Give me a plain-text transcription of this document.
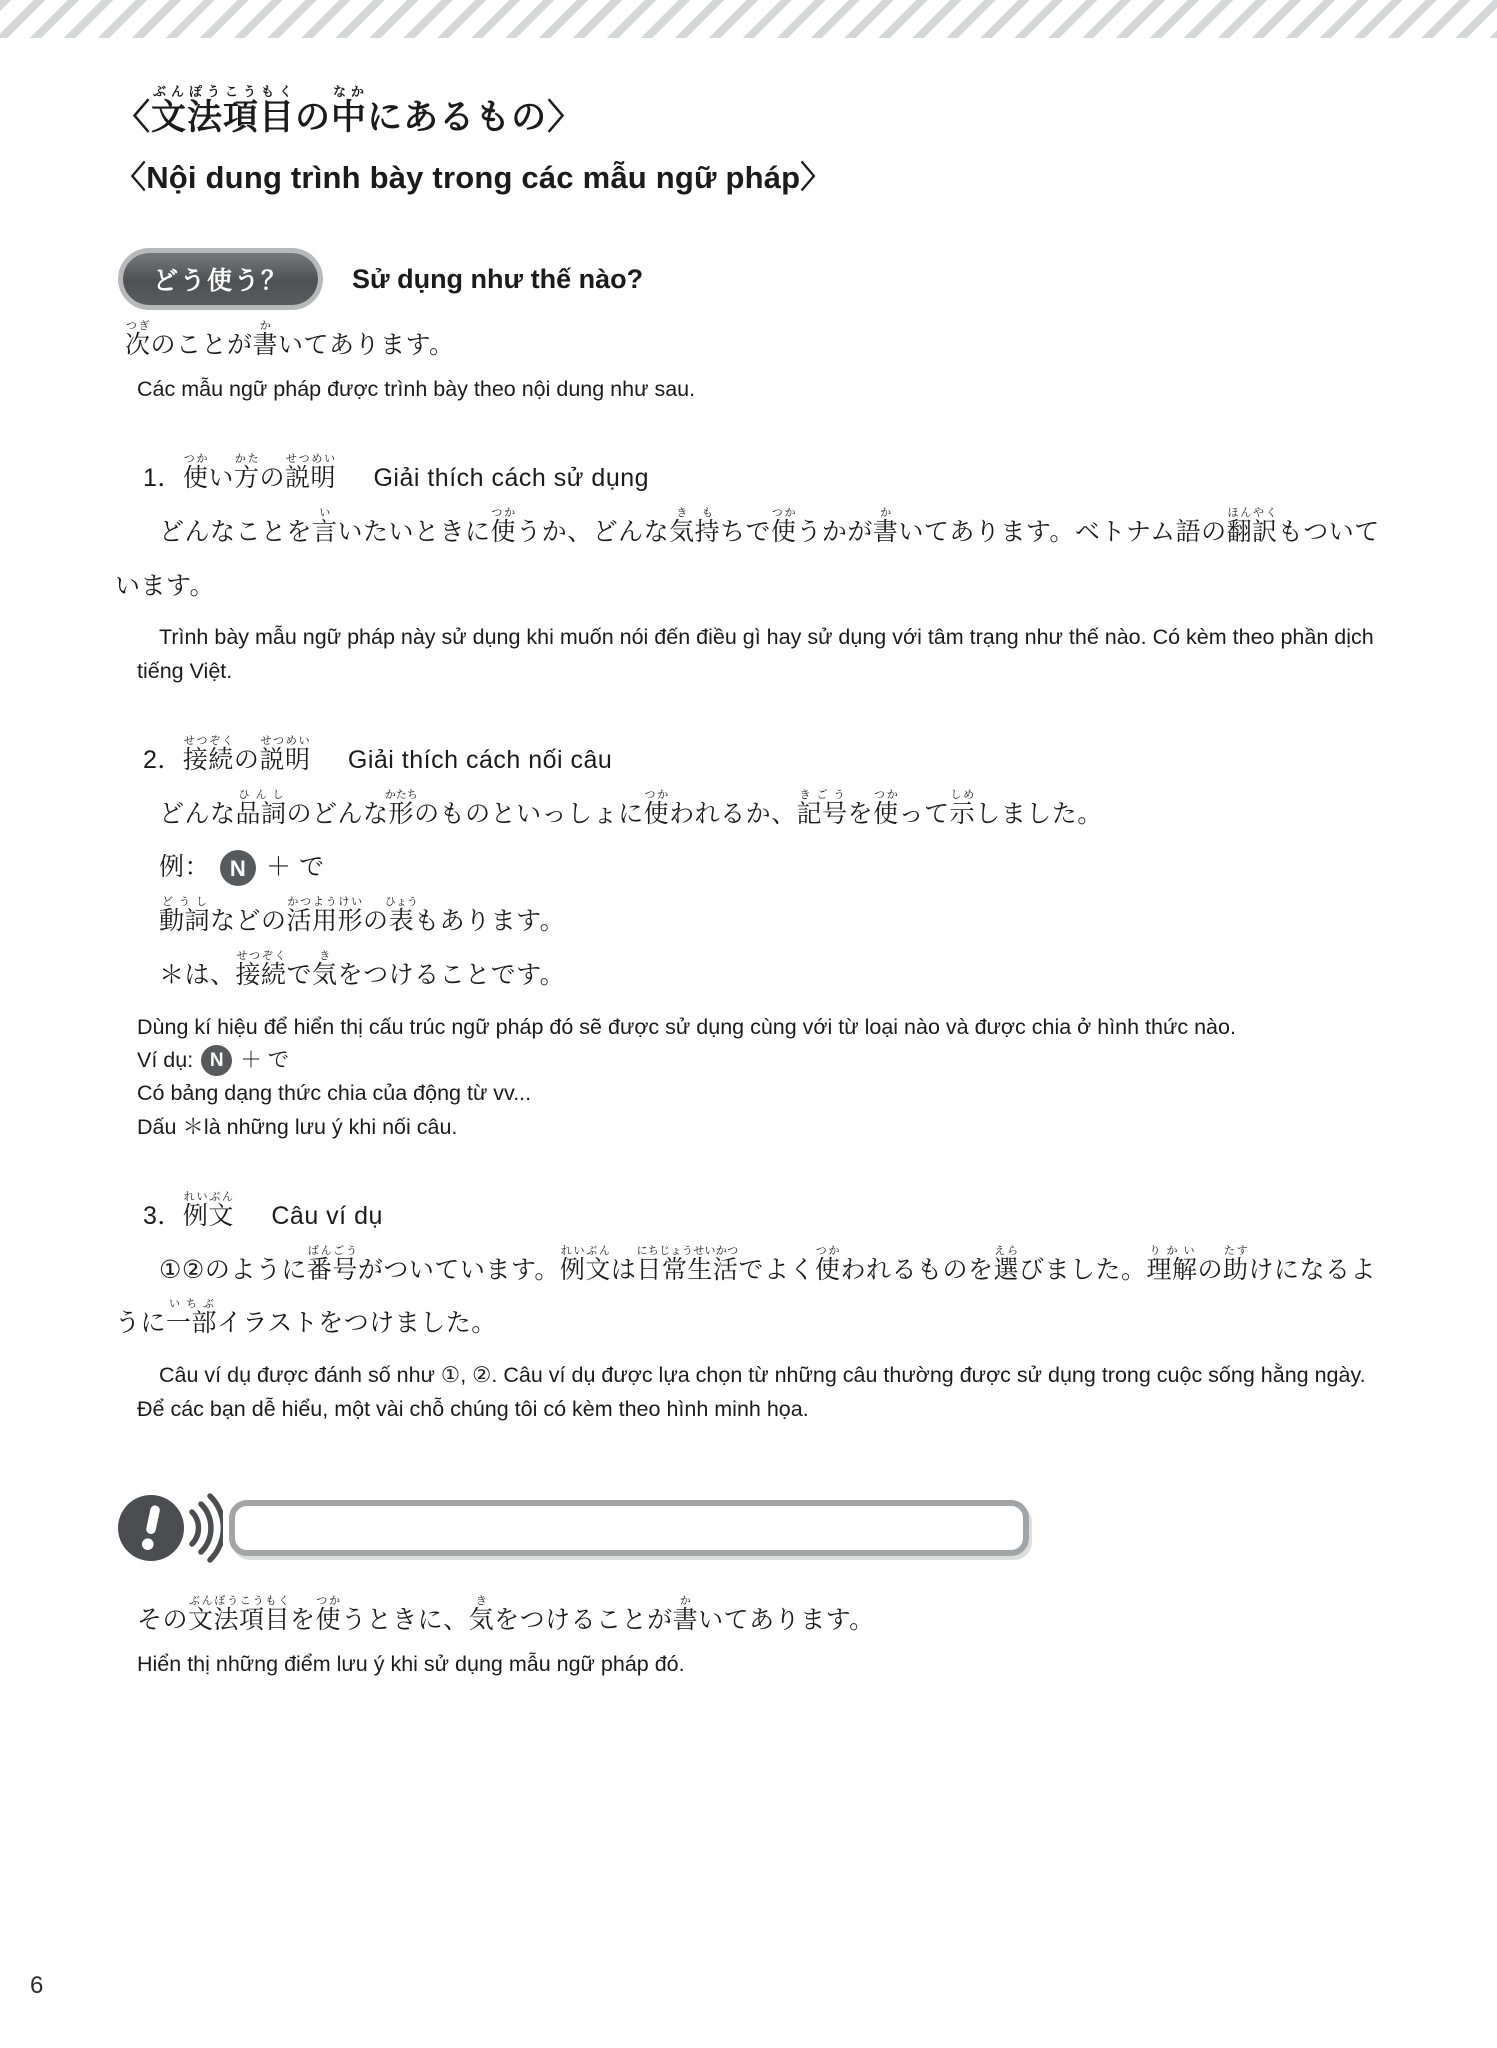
〈文法項目ぶんぽうこうもくの中なかにあるもの〉
〈Nội dung trình bày trong các mẫu ngữ pháp〉
どう使う？	Sử dụng như thế nào?

次つぎのことが書かいてあります。

Các mẫu ngữ pháp được trình bày theo nội dung như sau.

1．使つかい方かたの説明せつめい Giải thích cách sử dụng

どんなことを言いいたいときに使つかうか、どんな気持きもちで使つかうかが書かいてあります。ベトナム語の翻訳ほんやくもついています。

Trình bày mẫu ngữ pháp này sử dụng khi muốn nói đến điều gì hay sử dụng với tâm trạng như thế nào. Có kèm theo phần dịch tiếng Việt.

2．接続せつぞくの説明せつめい Giải thích cách nối câu

どんな品詞ひんしのどんな形かたちのものといっしょに使つかわれるか、記号きごうを使つかって示しめしました。

例： N ＋ で

動詞どうしなどの活用形かつようけいの表ひょうもあります。

＊は、接続せつぞくで気きをつけることです。

Dùng kí hiệu để hiển thị cấu trúc ngữ pháp đó sẽ được sử dụng cùng với từ loại nào và được chia ở hình thức nào.

Ví dụ: N ＋ で

Có bảng dạng thức chia của động từ vv...

Dấu ＊là những lưu ý khi nối câu.

3．例文れいぶん Câu ví dụ

①②のように番号ばんごうがついています。例文れいぶんは日常生活にちじょうせいかつでよく使つかわれるものを選えらびました。理解りかいの助たすけになるように一部いちぶイラストをつけました。

Câu ví dụ được đánh số như ①, ②. Câu ví dụ được lựa chọn từ những câu thường được sử dụng trong cuộc sống hằng ngày. Để các bạn dễ hiểu, một vài chỗ chúng tôi có kèm theo hình minh họa.

その文法項目ぶんぽうこうもくを使つかうときに、気きをつけることが書かいてあります。

Hiển thị những điểm lưu ý khi sử dụng mẫu ngữ pháp đó.

6
